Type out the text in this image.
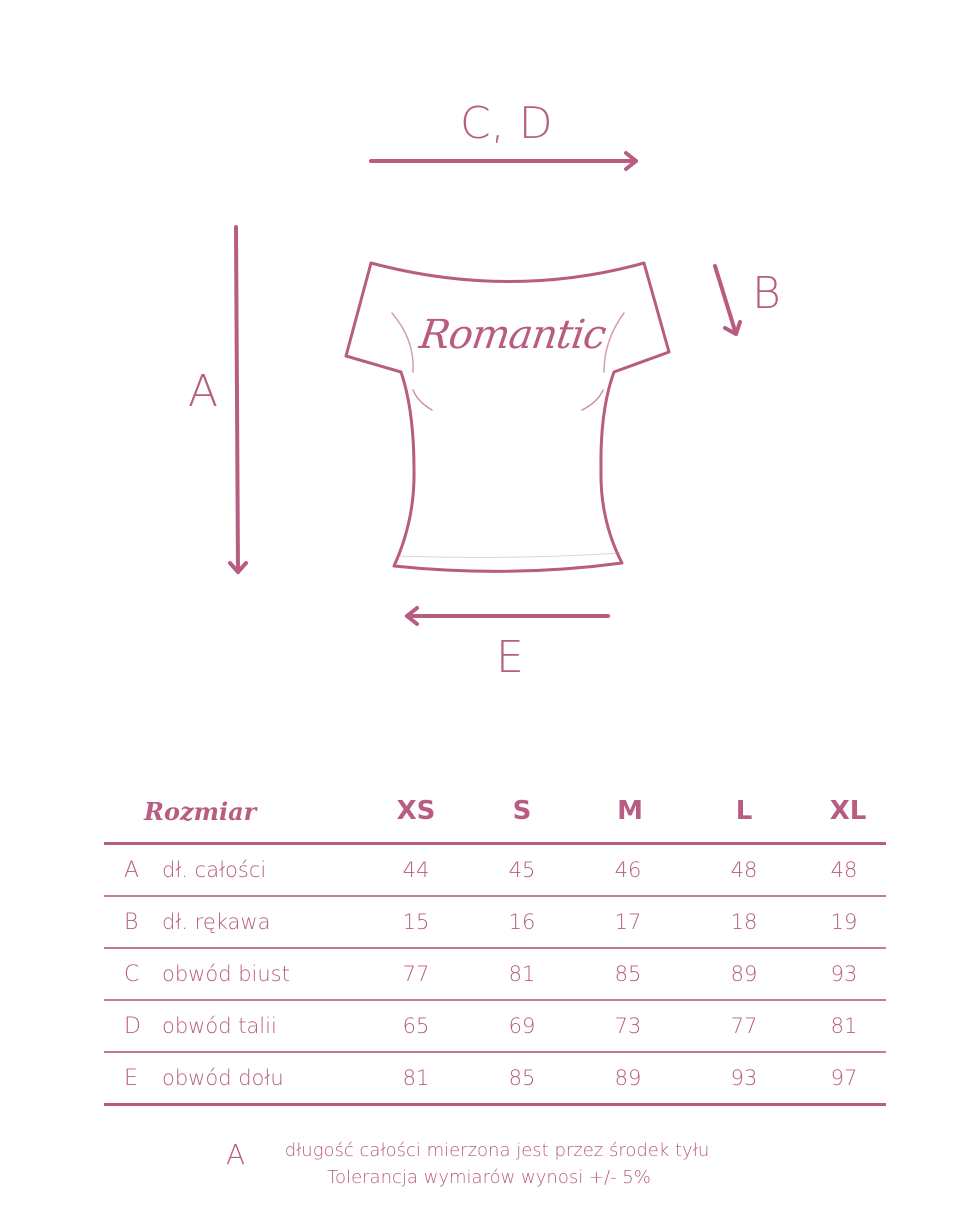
C, D
A
B
E
Romantic
Rozmiar	XS	S	M	L	XL
A	dł. całości	44	45	46	48	48
B	dł. rękawa	15	16	17	18	19
C	obwód biust	77	81	85	89	93
D	obwód talii	65	69	73	77	81
E	obwód dołu	81	85	89	93	97
A	długość całości mierzona jest przez środek tyłu
Tolerancja wymiarów wynosi +/- 5%
